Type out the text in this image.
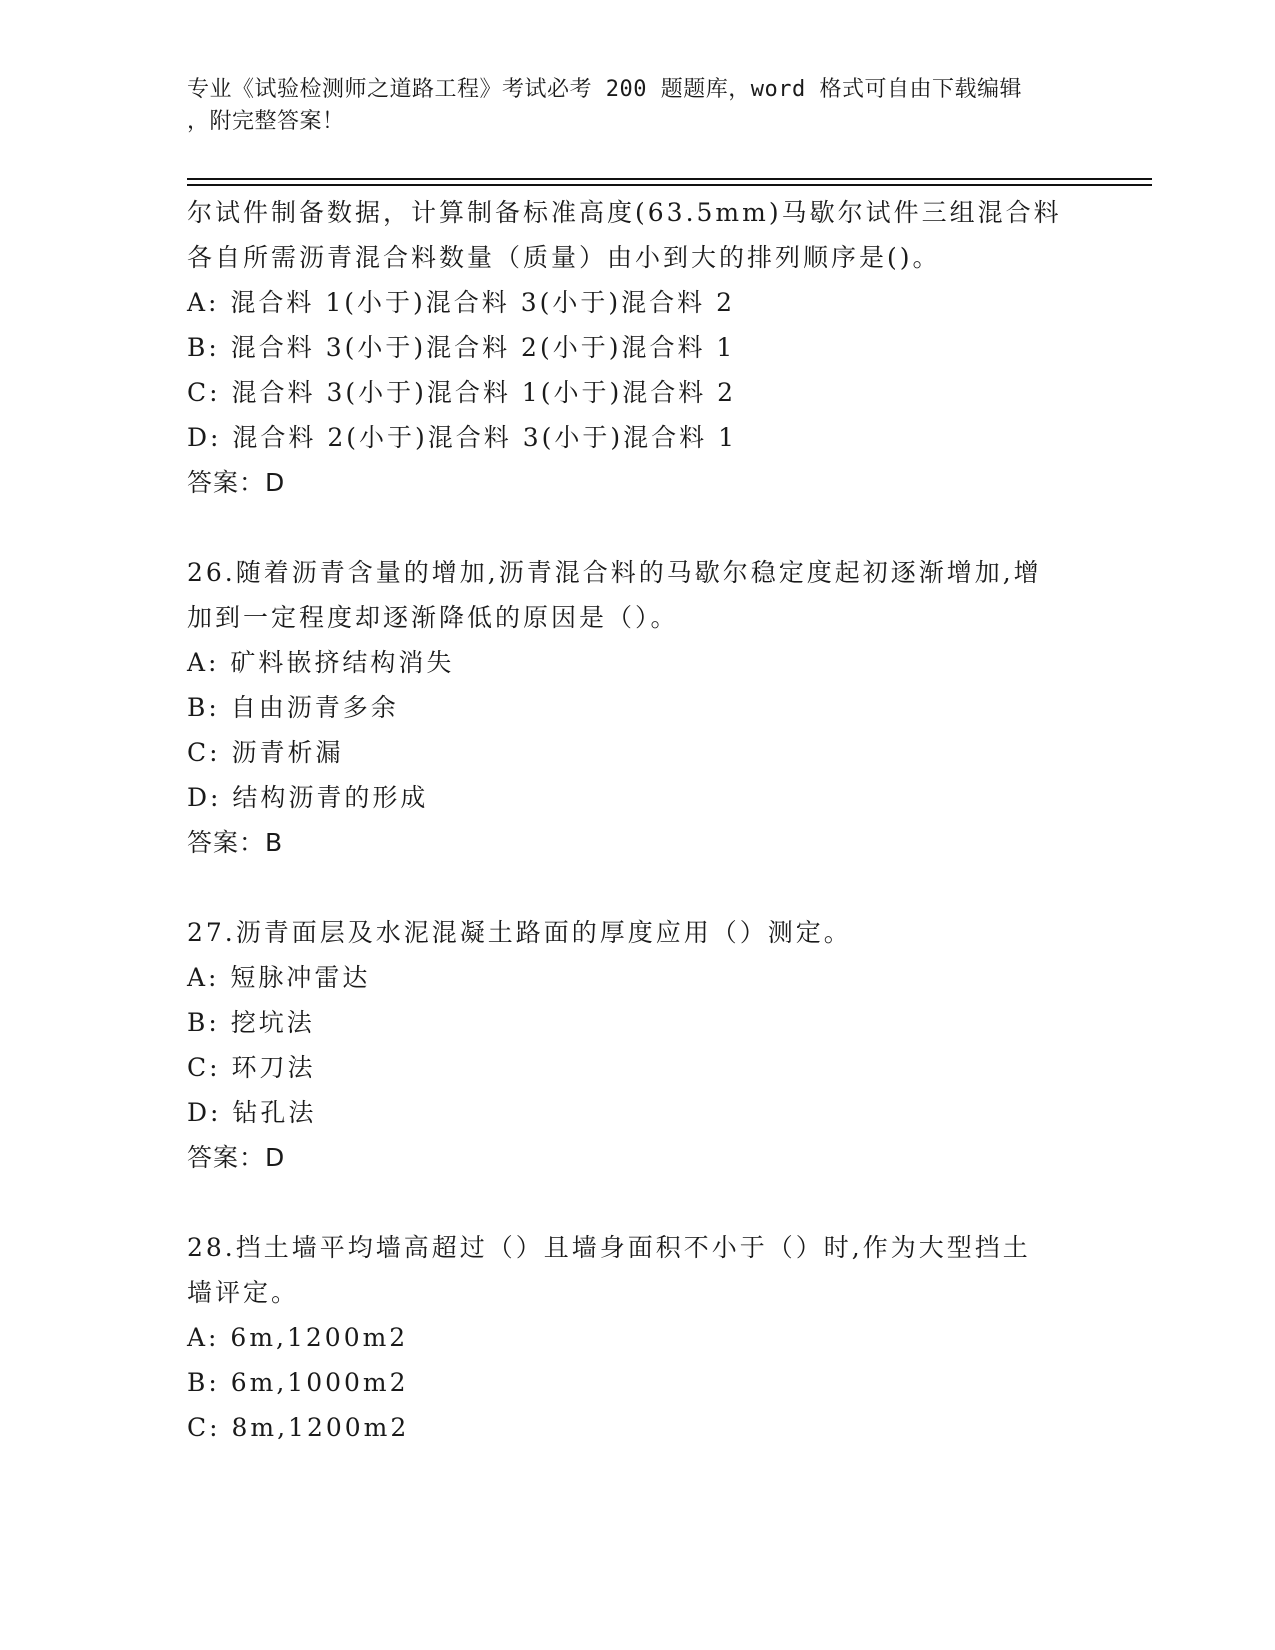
专业《试验检测师之道路工程》考试必考 200 题题库，word 格式可自由下载编辑
，附完整答案！
尔试件制备数据，计算制备标准高度(63.5mm)马歇尔试件三组混合料
各自所需沥青混合料数量（质量）由小到大的排列顺序是()。
A: 混合料 1(小于)混合料 3(小于)混合料 2
B: 混合料 3(小于)混合料 2(小于)混合料 1
C: 混合料 3(小于)混合料 1(小于)混合料 2
D: 混合料 2(小于)混合料 3(小于)混合料 1
答案：D
26.随着沥青含量的增加,沥青混合料的马歇尔稳定度起初逐渐增加,增
加到一定程度却逐渐降低的原因是（）。
A: 矿料嵌挤结构消失
B: 自由沥青多余
C: 沥青析漏
D: 结构沥青的形成
答案：B
27.沥青面层及水泥混凝土路面的厚度应用（）测定。
A: 短脉冲雷达
B: 挖坑法
C: 环刀法
D: 钻孔法
答案：D
28.挡土墙平均墙高超过（）且墙身面积不小于（）时,作为大型挡土
墙评定。
A: 6m,1200m2
B: 6m,1000m2
C: 8m,1200m2
